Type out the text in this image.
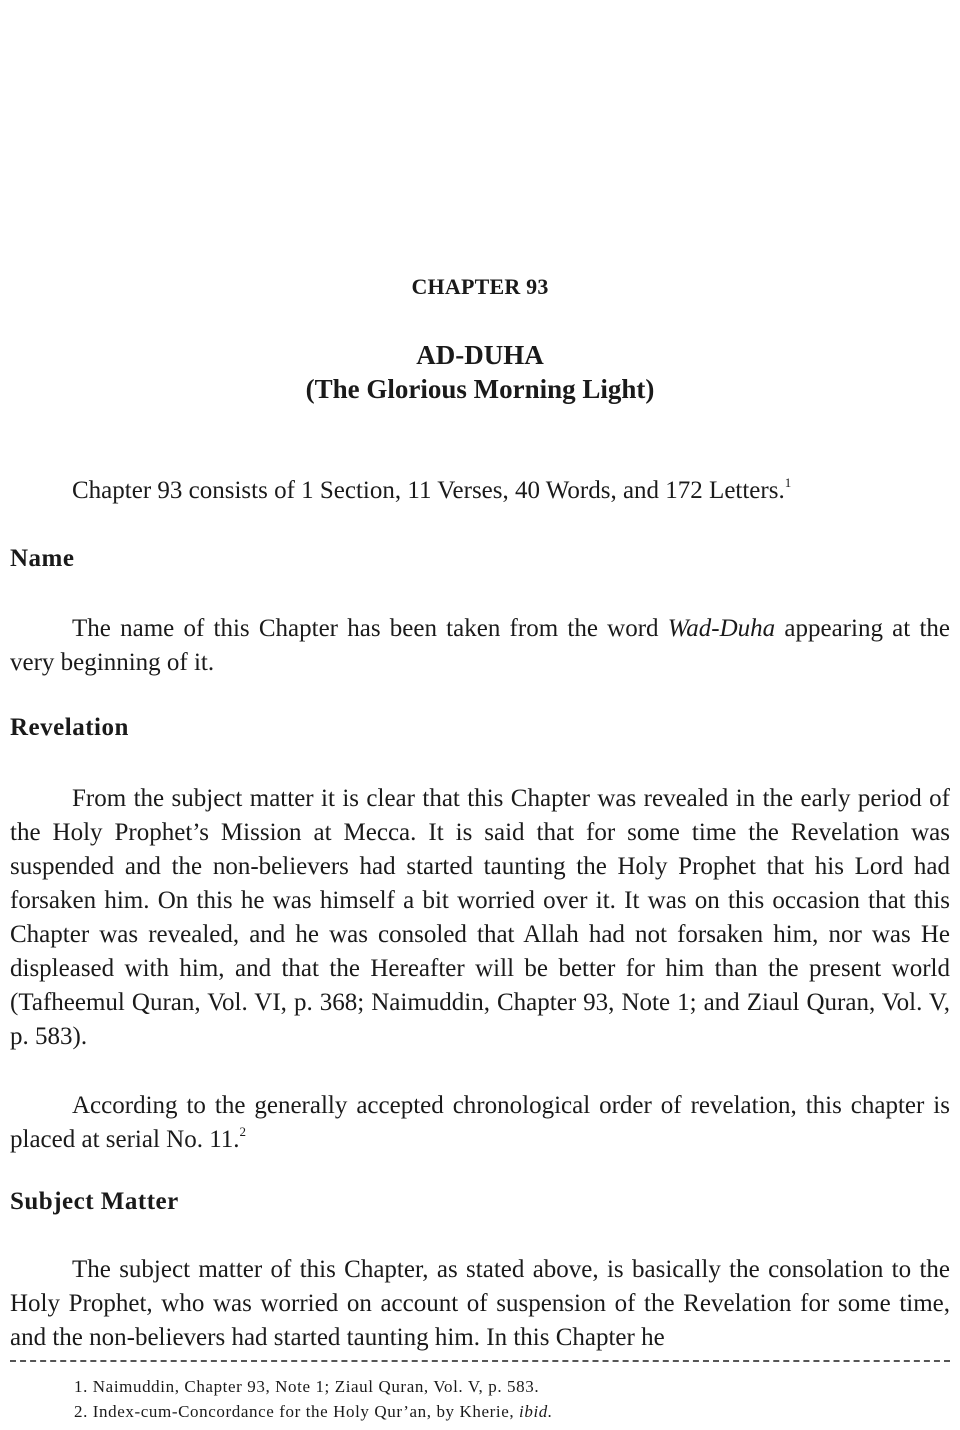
CHAPTER 93
AD-DUHA
(The Glorious Morning Light)
Chapter 93 consists of 1 Section, 11 Verses, 40 Words, and 172 Letters.$^1$
Name
The name of this Chapter has been taken from the word Wad-Duha appearing at the very beginning of it.
Revelation
From the subject matter it is clear that this Chapter was revealed in the early period of the Holy Prophet’s Mission at Mecca. It is said that for some time the Revelation was suspended and the non-believers had started taunting the Holy Prophet that his Lord had forsaken him. On this he was himself a bit worried over it. It was on this occasion that this Chapter was revealed, and he was consoled that Allah had not forsaken him, nor was He displeased with him, and that the Hereafter will be better for him than the present world (Tafheemul Quran, Vol. VI, p. 368; Naimuddin, Chapter 93, Note 1; and Ziaul Quran, Vol. V, p. 583).
According to the generally accepted chronological order of revelation, this chapter is placed at serial No. 11.$^2$
Subject Matter
The subject matter of this Chapter, as stated above, is basically the consolation to the Holy Prophet, who was worried on account of suspension of the Revelation for some time, and the non-believers had started taunting him. In this Chapter he
1. Naimuddin, Chapter 93, Note 1; Ziaul Quran, Vol. V, p. 583.
2. Index-cum-Concordance for the Holy Qur’an, by Kherie, ibid.
